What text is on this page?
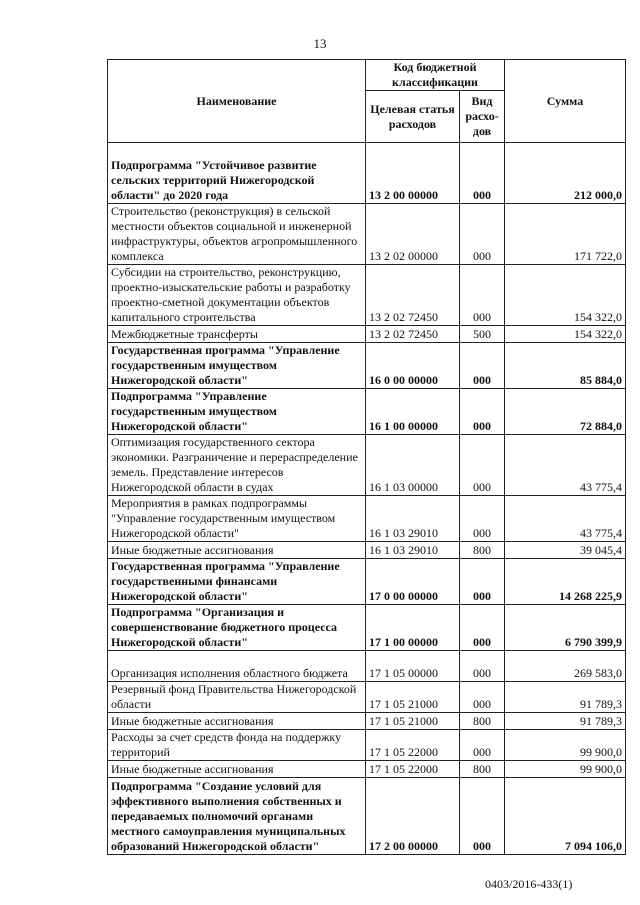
13
Наименование	Код бюджетной классификации		Сумма
	Целевая статья расходов	Вид расхо-дов	
Подпрограмма "Устойчивое развитие сельских территорий Нижегородской области" до 2020 года	13 2 00 00000	000	212 000,0
Строительство (реконструкция) в сельской местности объектов социальной и инженерной инфраструктуры, объектов агропромышленного комплекса	13 2 02 00000	000	171 722,0
Субсидии на строительство, реконструкцию, проектно-изыскательские работы и разработку проектно-сметной документации объектов капитального строительства	13 2 02 72450	000	154 322,0
Межбюджетные трансферты	13 2 02 72450	500	154 322,0
Государственная программа "Управление государственным имуществом Нижегородской области"	16 0 00 00000	000	85 884,0
Подпрограмма "Управление государственным имуществом Нижегородской области"	16 1 00 00000	000	72 884,0
Оптимизация государственного сектора экономики. Разграничение и перераспределение земель. Представление интересов Нижегородской области в судах	16 1 03 00000	000	43 775,4
Мероприятия в рамках подпрограммы "Управление государственным имуществом Нижегородской области"	16 1 03 29010	000	43 775,4
Иные бюджетные ассигнования	16 1 03 29010	800	39 045,4
Государственная программа "Управление государственными финансами Нижегородской области"	17 0 00 00000	000	14 268 225,9
Подпрограмма "Организация и совершенствование бюджетного процесса Нижегородской области"	17 1 00 00000	000	6 790 399,9
Организация исполнения областного бюджета	17 1 05 00000	000	269 583,0
Резервный фонд Правительства Нижегородской области	17 1 05 21000	000	91 789,3
Иные бюджетные ассигнования	17 1 05 21000	800	91 789,3
Расходы за счет средств фонда на поддержку территорий	17 1 05 22000	000	99 900,0
Иные бюджетные ассигнования	17 1 05 22000	800	99 900,0
Подпрограмма "Создание условий для эффективного выполнения собственных и передаваемых полномочий органами местного самоуправления муниципальных образований Нижегородской области"	17 2 00 00000	000	7 094 106,0
0403/2016-433(1)
